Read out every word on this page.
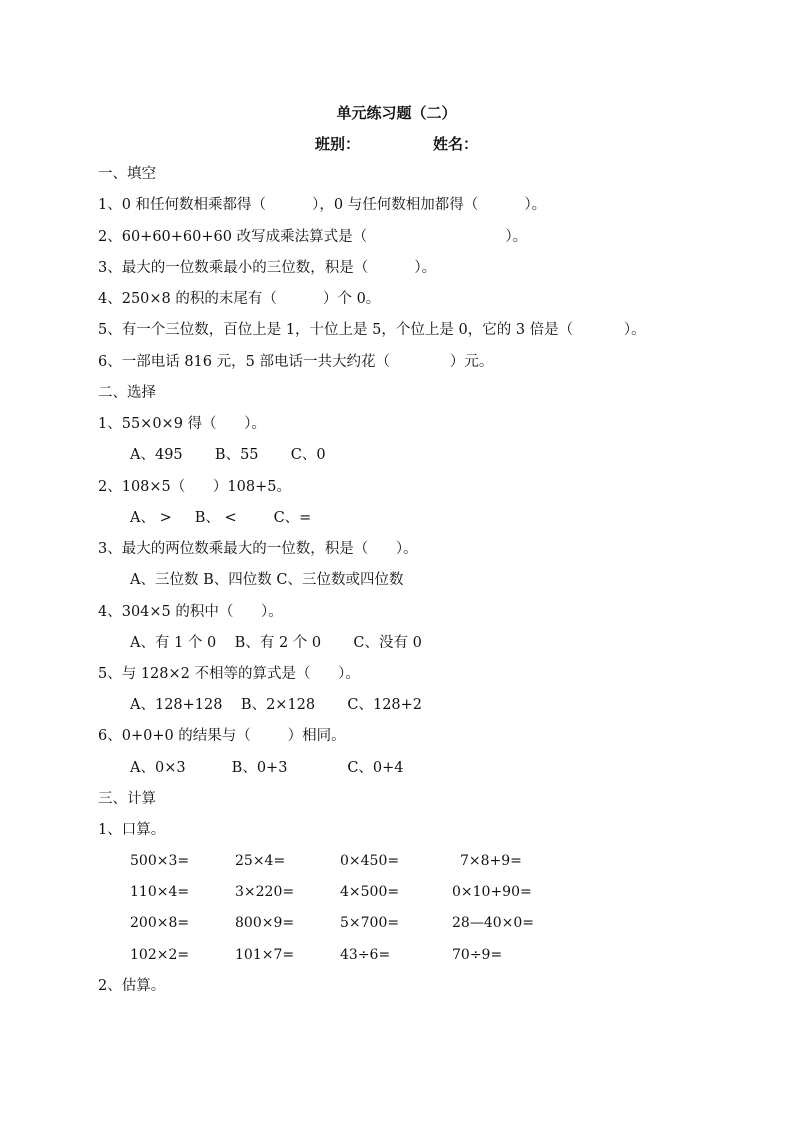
单元练习题（二）
班别：              姓名：
一、填空
1、0 和任何数相乘都得（          ），0 与任何数相加都得（          ）。
2、60+60+60+60 改写成乘法算式是（                              ）。
3、最大的一位数乘最小的三位数，积是（          ）。
4、250×8 的积的末尾有（          ）个 0。
5、有一个三位数，百位上是 1，十位上是 5，个位上是 0，它的 3 倍是（           ）。
6、一部电话 816 元，5 部电话一共大约花（             ）元。
二、选择
1、55×0×9 得（      ）。
A、495       B、55       C、0
2、108×5（      ）108+5。
A、 >     B、 <        C、=
3、最大的两位数乘最大的一位数，积是（      ）。
A、三位数 B、四位数 C、三位数或四位数
4、304×5 的积中（      ）。
A、有 1 个 0    B、有 2 个 0       C、没有 0
5、与 128×2 不相等的算式是（      ）。
A、128+128    B、2×128       C、128+2
6、0+0+0 的结果与（        ）相同。
A、0×3          B、0+3             C、0+4
三、计算
1、口算。
500×3=	25×4=	0×450=	7×8+9=
110×4=	3×220=	4×500=	0×10+90=
200×8=	800×9=	5×700=	28—40×0=
102×2=	101×7=	43÷6=	70÷9=
2、估算。
